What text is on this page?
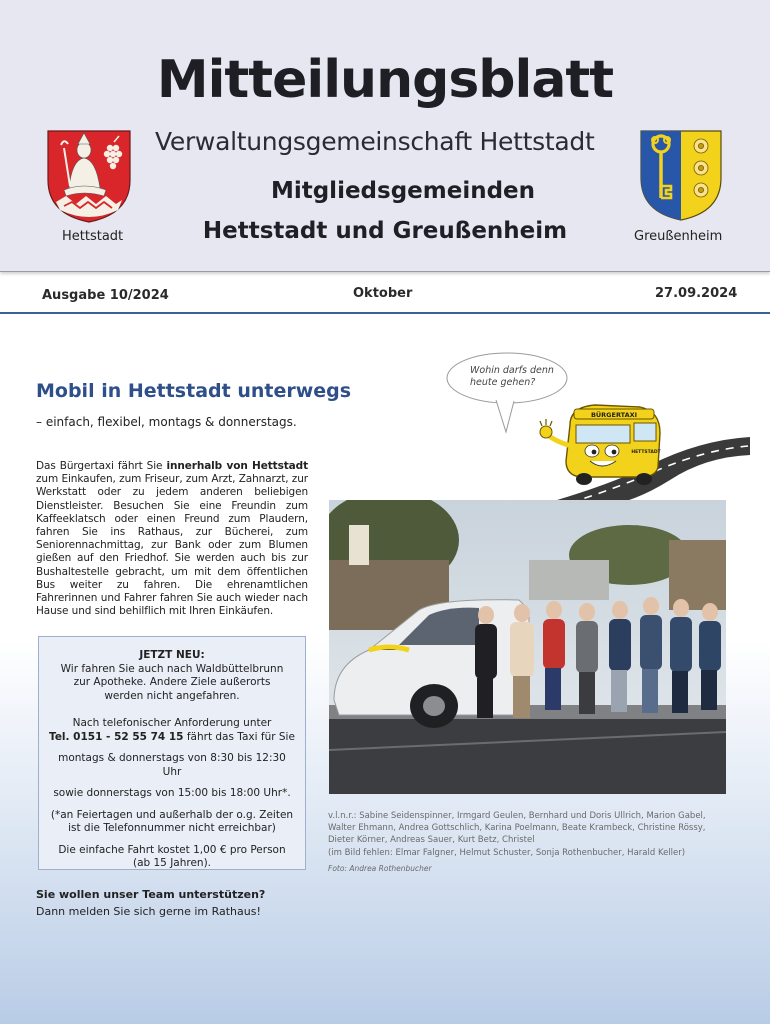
Mitteilungsblatt
Verwaltungsgemeinschaft Hettstadt
Mitgliedsgemeinden
Hettstadt und Greußenheim
Hettstadt	Greußenheim
Ausgabe 10/2024	Oktober	27.09.2024
Mobil in Hettstadt unterwegs
– einfach, flexibel, montags & donnerstags.
Das Bürgertaxi fährt Sie innerhalb von Hettstadt zum Einkaufen, zum Friseur, zum Arzt, Zahnarzt, zur Werkstatt oder zu jedem anderen beliebigen Dienstleister. Besuchen Sie eine Freundin zum Kaffeeklatsch oder einen Freund zum Plaudern, fahren Sie ins Rathaus, zur Bücherei, zum Seniorennachmittag, zur Bank oder zum Blumen gießen auf den Friedhof. Sie werden auch bis zur Bushaltestelle gebracht, um mit dem öffentlichen Bus weiter zu fahren. Die ehrenamtlichen Fahrerinnen und Fahrer fahren Sie auch wieder nach Hause und sind behilflich mit Ihren Einkäufen.
JETZT NEU:
Wir fahren Sie auch nach Waldbüttelbrunn
zur Apotheke. Andere Ziele außerorts
werden nicht angefahren.
Nach telefonischer Anforderung unter
Tel. 0151 - 52 55 74 15 fährt das Taxi für Sie
montags & donnerstags von 8:30 bis 12:30 Uhr
sowie donnerstags von 15:00 bis 18:00 Uhr*.
(*an Feiertagen und außerhalb der o.g. Zeiten
ist die Telefonnummer nicht erreichbar)
Die einfache Fahrt kostet 1,00 € pro Person
(ab 15 Jahren).
Sie wollen unser Team unterstützen?
Dann melden Sie sich gerne im Rathaus!
Wohin darfs denn heute gehen?
BÜRGERTAXI
HETTSTADT
v.l.n.r.: Sabine Seidenspinner, Irmgard Geulen, Bernhard und Doris Ullrich, Marion Gabel,
Walter Ehmann, Andrea Gottschlich, Karina Poelmann, Beate Krambeck, Christine Rössy,
Dieter Körner, Andreas Sauer, Kurt Betz, Christel
(im Bild fehlen: Elmar Falgner, Helmut Schuster, Sonja Rothenbucher, Harald Keller)
Foto: Andrea Rothenbucher
